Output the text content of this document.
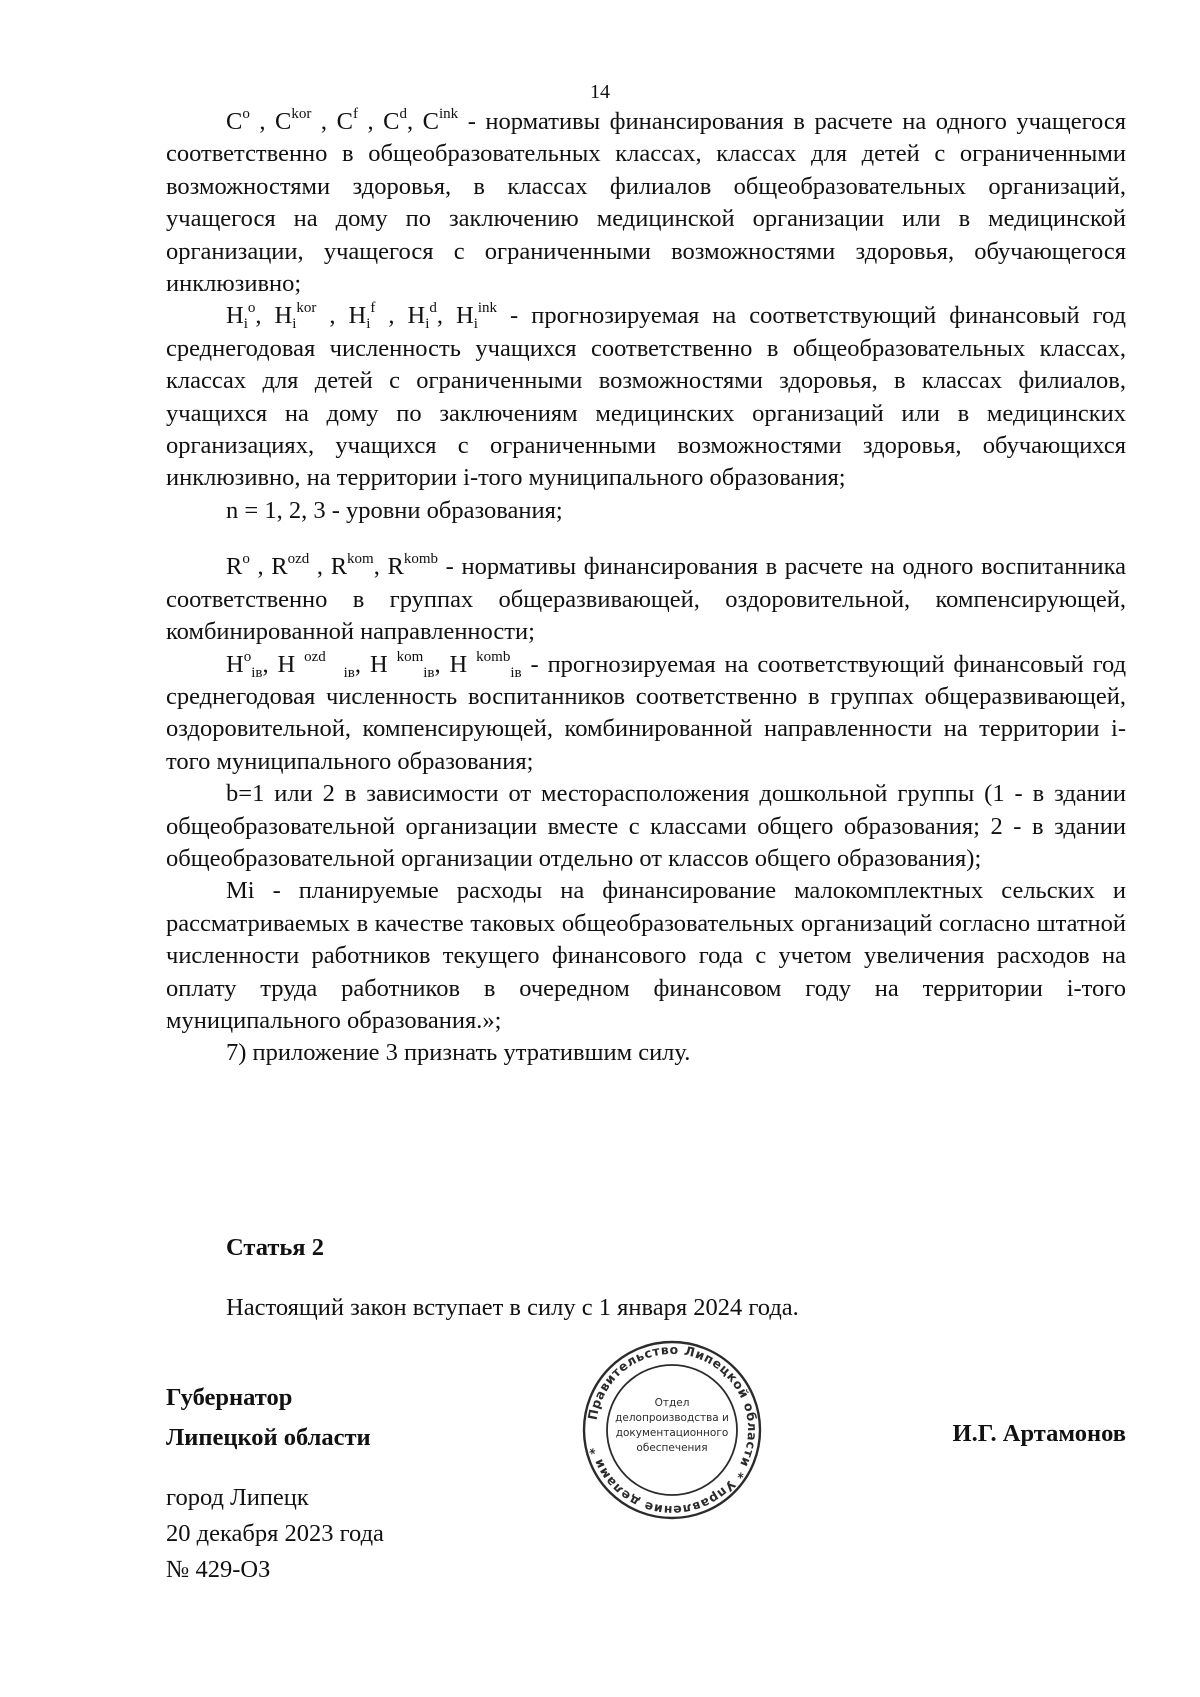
14

$C^o$ , $C^{kor}$ , $C^f$ , $C^d$, $C^{ink}$ - нормативы финансирования в расчете на одного учащегося соответственно в общеобразовательных классах, классах для детей с ограниченными возможностями здоровья, в классах филиалов общеобразовательных организаций, учащегося на дому по заключению медицинской организации или в медицинской организации, учащегося с ограниченными возможностями здоровья, обучающегося инклюзивно;

$H_i^o$, $H_i^{kor}$ , $H_i^f$ , $H_i^d$, $H_i^{ink}$ - прогнозируемая на соответствующий финансовый год среднегодовая численность учащихся соответственно в общеобразовательных классах, классах для детей с ограниченными возможностями здоровья, в классах филиалов, учащихся на дому по заключениям медицинских организаций или в медицинских организациях, учащихся с ограниченными возможностями здоровья, обучающихся инклюзивно, на территории i-того муниципального образования;

n = 1, 2, 3 - уровни образования;

$R^o$ , $R^{ozd}$ , $R^{kom}$, $R^{komb}$ - нормативы финансирования в расчете на одного воспитанника соответственно в группах общеразвивающей, оздоровительной, компенсирующей, комбинированной направленности;

$H^o_{iв}$, H $^{ozd}$  $_{iв}$, H $^{kom}_{iв}$, H $^{komb}_{iв}$ - прогнозируемая на соответствующий финансовый год среднегодовая численность воспитанников соответственно в группах общеразвивающей, оздоровительной, компенсирующей, комбинированной направленности на территории i-того муниципального образования;

b=1 или 2 в зависимости от месторасположения дошкольной группы (1 - в здании общеобразовательной организации вместе с классами общего образования; 2 - в здании общеобразовательной организации отдельно от классов общего образования);

Mi - планируемые расходы на финансирование малокомплектных сельских и рассматриваемых в качестве таковых общеобразовательных организаций согласно штатной численности работников текущего финансового года с учетом увеличения расходов на оплату труда работников в очередном финансовом году на территории i-того муниципального образования.»;

7) приложение 3 признать утратившим силу.

Статья 2
Настоящий закон вступает в силу с 1 января 2024 года.
Губернатор
Липецкой области	И.Г. Артамонов
город Липецк
20 декабря 2023 года
№ 429-ОЗ
Правительство Липецкой области * Управление делами *
Отдел
делопроизводства и
документационного
обеспечения
